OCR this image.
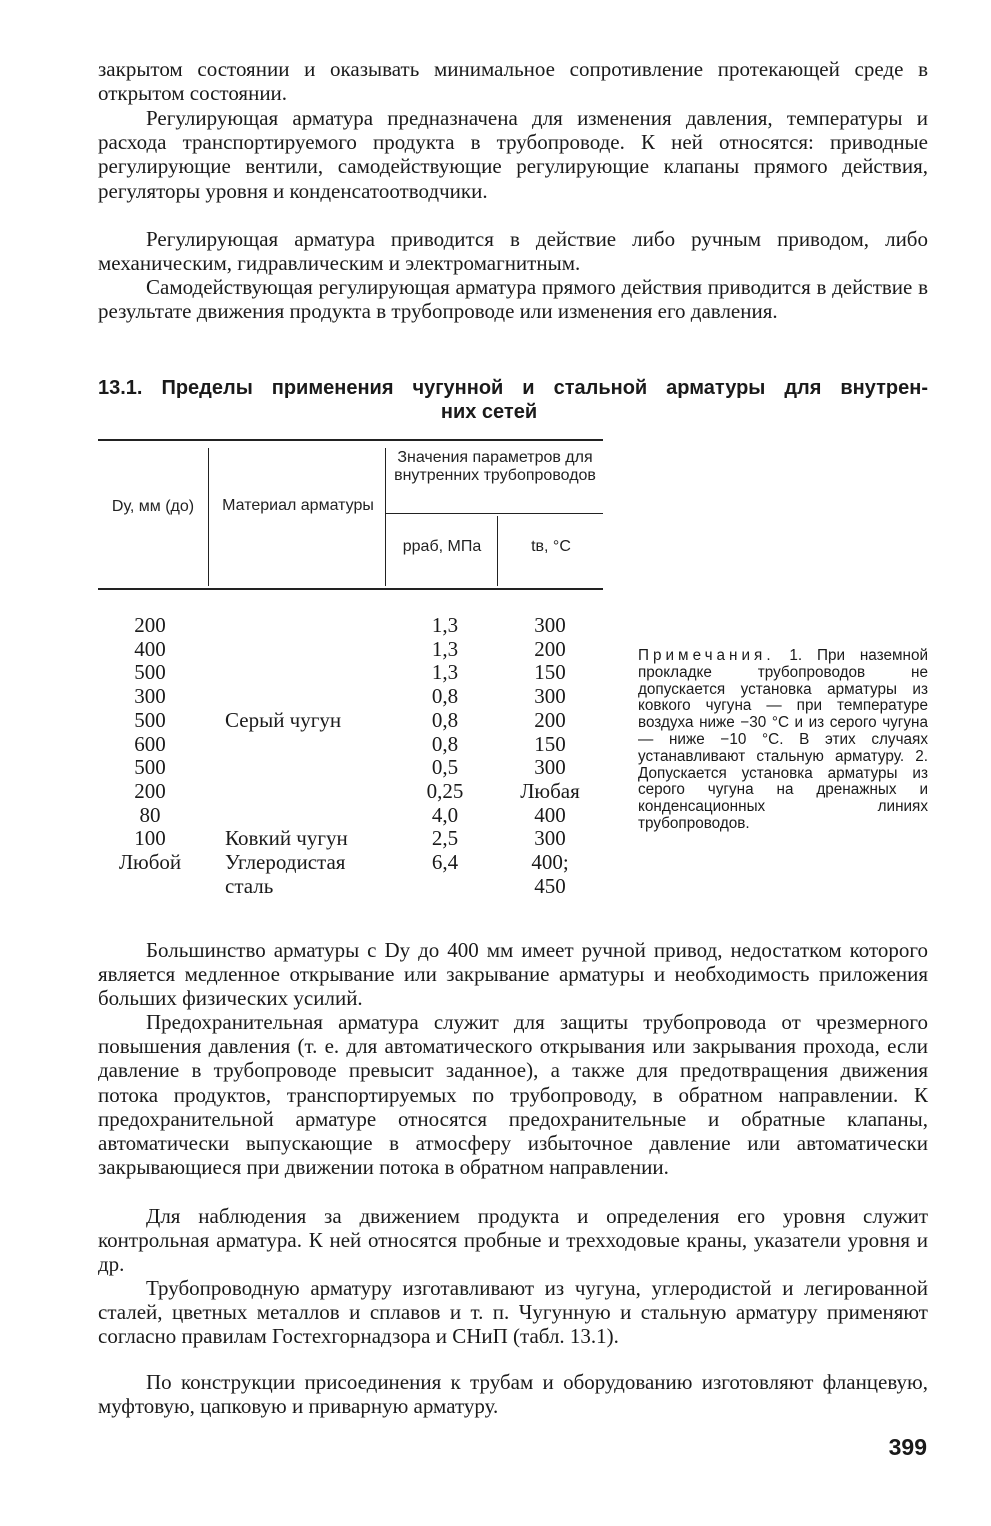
закрытом состоянии и оказывать минимальное сопротивление протекающей среде в открытом состоянии.

Регулирующая арматура предназначена для изменения давления, температуры и расхода транспортируемого продукта в трубопроводе. К ней относятся: приводные регулирующие вентили, самодействующие регулирующие клапаны прямого действия, регуляторы уровня и конденсатоотводчики.

Регулирующая арматура приводится в действие либо ручным приводом, либо механическим, гидравлическим и электромагнитным.

Самодействующая регулирующая арматура прямого действия приводится в действие в результате движения продукта в трубопроводе или изменения его давления.

13.1. Пределы применения чугунной и стальной арматуры для внутрен-
них сетей
Dу, мм (до)	Материал арматуры
Значения параметров для внутренних трубопроводов
pраб, МПа	tв, °C
200
400
500
300
500
600
500
200
80
100
Любой

Серый чугун

Ковкий чугун
Углеродистая
сталь
1,3
1,3
1,3
0,8
0,8
0,8
0,5
0,25
4,0
2,5
6,4
300
200
150
300
200
150
300
Любая
400
300
400;
450

Примечания. 1. При наземной прокладке трубопроводов не допускается установка арматуры из ковкого чугуна — при температуре воздуха ниже −30 °C и из серого чугуна — ниже −10 °C. В этих случаях устанавливают стальную арматуру. 2. Допускается установка арматуры из серого чугуна на дренажных и конденсационных линиях трубопроводов.

Большинство арматуры с Dу до 400 мм имеет ручной привод, недостатком которого является медленное открывание или закрывание арматуры и необходимость приложения больших физических усилий.

Предохранительная арматура служит для защиты трубопровода от чрезмерного повышения давления (т. е. для автоматического открывания или закрывания прохода, если давление в трубопроводе превысит заданное), а также для предотвращения движения потока продуктов, транспортируемых по трубопроводу, в обратном направлении. К предохранительной арматуре относятся предохранительные и обратные клапаны, автоматически выпускающие в атмосферу избыточное давление или автоматически закрывающиеся при движении потока в обратном направлении.

Для наблюдения за движением продукта и определения его уровня служит контрольная арматура. К ней относятся пробные и трехходовые краны, указатели уровня и др.

Трубопроводную арматуру изготавливают из чугуна, углеродистой и легированной сталей, цветных металлов и сплавов и т. п. Чугунную и стальную арматуру применяют согласно правилам Гостехгорнадзора и СНиП (табл. 13.1).

По конструкции присоединения к трубам и оборудованию изготовляют фланцевую, муфтовую, цапковую и приварную арматуру.

399
